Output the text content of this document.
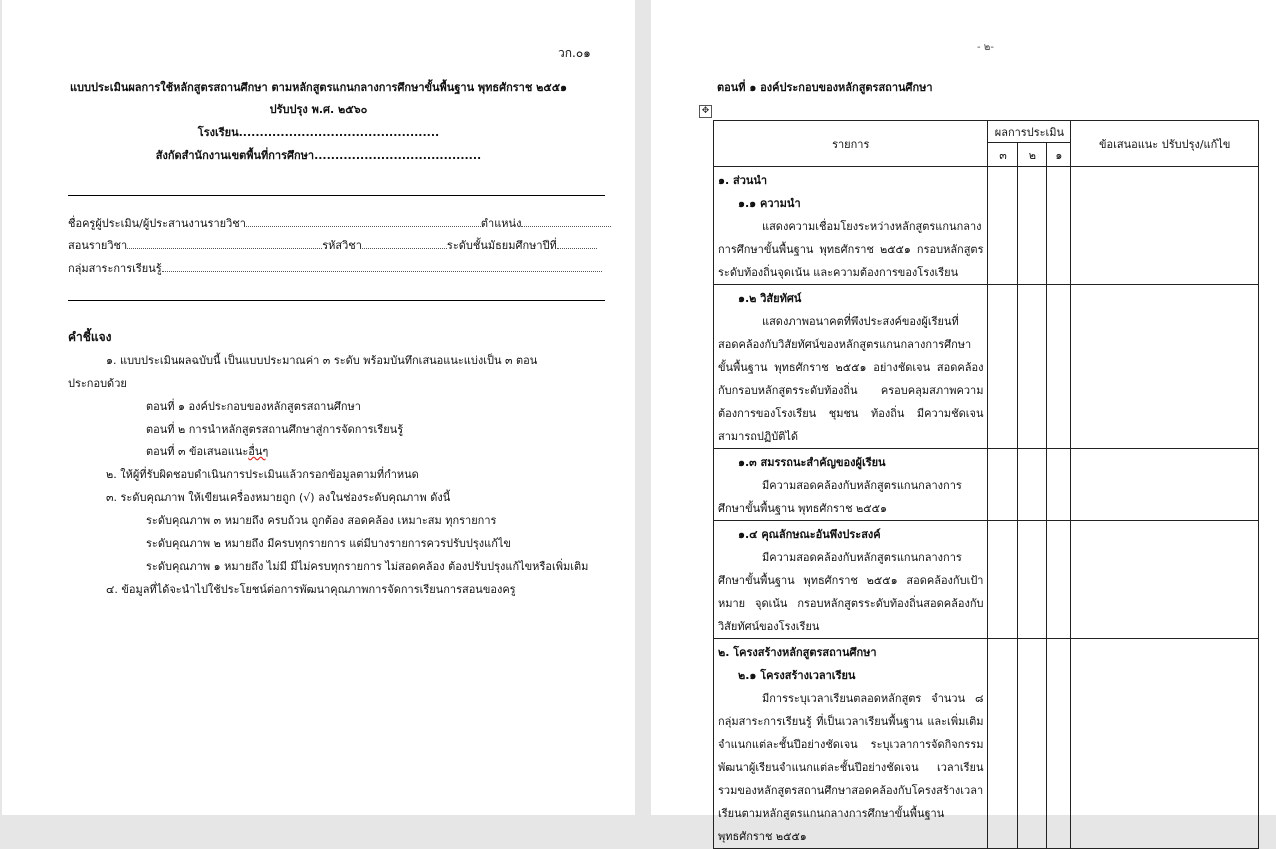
วก.๐๑
แบบประเมินผลการใช้หลักสูตรสถานศึกษา ตามหลักสูตรแกนกลางการศึกษาขั้นพื้นฐาน พุทธศักราช ๒๕๕๑
ปรับปรุง พ.ศ. ๒๕๖๐
โรงเรียน................................................
สังกัดสำนักงานเขตพื้นที่การศึกษา........................................
ชื่อครูผู้ประเมิน/ผู้ประสานงานรายวิชา	ตำแหน่ง
สอนรายวิชา	รหัสวิชา	ระดับชั้นมัธยมศึกษาปีที่
กลุ่มสาระการเรียนรู้
คำชี้แจง
๑. แบบประเมินผลฉบับนี้ เป็นแบบประมาณค่า ๓ ระดับ พร้อมบันทึกเสนอแนะแบ่งเป็น ๓ ตอน
ประกอบด้วย
ตอนที่ ๑ องค์ประกอบของหลักสูตรสถานศึกษา
ตอนที่ ๒ การนำหลักสูตรสถานศึกษาสู่การจัดการเรียนรู้
ตอนที่ ๓ ข้อเสนอแนะอื่นๆ
๒. ให้ผู้ที่รับผิดชอบดำเนินการประเมินแล้วกรอกข้อมูลตามที่กำหนด
๓. ระดับคุณภาพ ให้เขียนเครื่องหมายถูก (√) ลงในช่องระดับคุณภาพ ดังนี้
ระดับคุณภาพ ๓ หมายถึง ครบถ้วน ถูกต้อง สอดคล้อง เหมาะสม ทุกรายการ
ระดับคุณภาพ ๒ หมายถึง มีครบทุกรายการ แต่มีบางรายการควรปรับปรุงแก้ไข
ระดับคุณภาพ ๑ หมายถึง ไม่มี มีไม่ครบทุกรายการ ไม่สอดคล้อง ต้องปรับปรุงแก้ไขหรือเพิ่มเติม
๔. ข้อมูลที่ได้จะนำไปใช้ประโยชน์ต่อการพัฒนาคุณภาพการจัดการเรียนการสอนของครู
- ๒-
ตอนที่ ๑ องค์ประกอบของหลักสูตรสถานศึกษา
✥
รายการ	ผลการประเมิน			ข้อเสนอแนะ ปรับปรุง/แก้ไข
	๓	๒	๑	

๑. ส่วนนำ
๑.๑ ความนำ
แสดงความเชื่อมโยงระหว่างหลักสูตรแกนกลางการศึกษาขั้นพื้นฐาน พุทธศักราช ๒๕๕๑ กรอบหลักสูตรระดับท้องถิ่นจุดเน้น และความต้องการของโรงเรียน				

๑.๒ วิสัยทัศน์
แสดงภาพอนาคตที่พึงประสงค์ของผู้เรียนที่สอดคล้องกับวิสัยทัศน์ของหลักสูตรแกนกลางการศึกษาขั้นพื้นฐาน พุทธศักราช ๒๕๕๑ อย่างชัดเจน สอดคล้องกับกรอบหลักสูตรระดับท้องถิ่น ครอบคลุมสภาพความต้องการของโรงเรียน ชุมชน ท้องถิ่น มีความชัดเจนสามารถปฏิบัติได้				

๑.๓ สมรรถนะสำคัญของผู้เรียน
มีความสอดคล้องกับหลักสูตรแกนกลางการศึกษาขั้นพื้นฐาน พุทธศักราช ๒๕๕๑				

๑.๔ คุณลักษณะอันพึงประสงค์
มีความสอดคล้องกับหลักสูตรแกนกลางการศึกษาขั้นพื้นฐาน พุทธศักราช ๒๕๕๑ สอดคล้องกับเป้าหมาย จุดเน้น กรอบหลักสูตรระดับท้องถิ่นสอดคล้องกับวิสัยทัศน์ของโรงเรียน				

๒. โครงสร้างหลักสูตรสถานศึกษา
๒.๑ โครงสร้างเวลาเรียน
มีการระบุเวลาเรียนตลอดหลักสูตร จำนวน ๘ กลุ่มสาระการเรียนรู้ ที่เป็นเวลาเรียนพื้นฐาน และเพิ่มเติม จำแนกแต่ละชั้นปีอย่างชัดเจน ระบุเวลาการจัดกิจกรรมพัฒนาผู้เรียนจำแนกแต่ละชั้นปีอย่างชัดเจน เวลาเรียนรวมของหลักสูตรสถานศึกษาสอดคล้องกับโครงสร้างเวลาเรียนตามหลักสูตรแกนกลางการศึกษาขั้นพื้นฐาน พุทธศักราช ๒๕๕๑				
